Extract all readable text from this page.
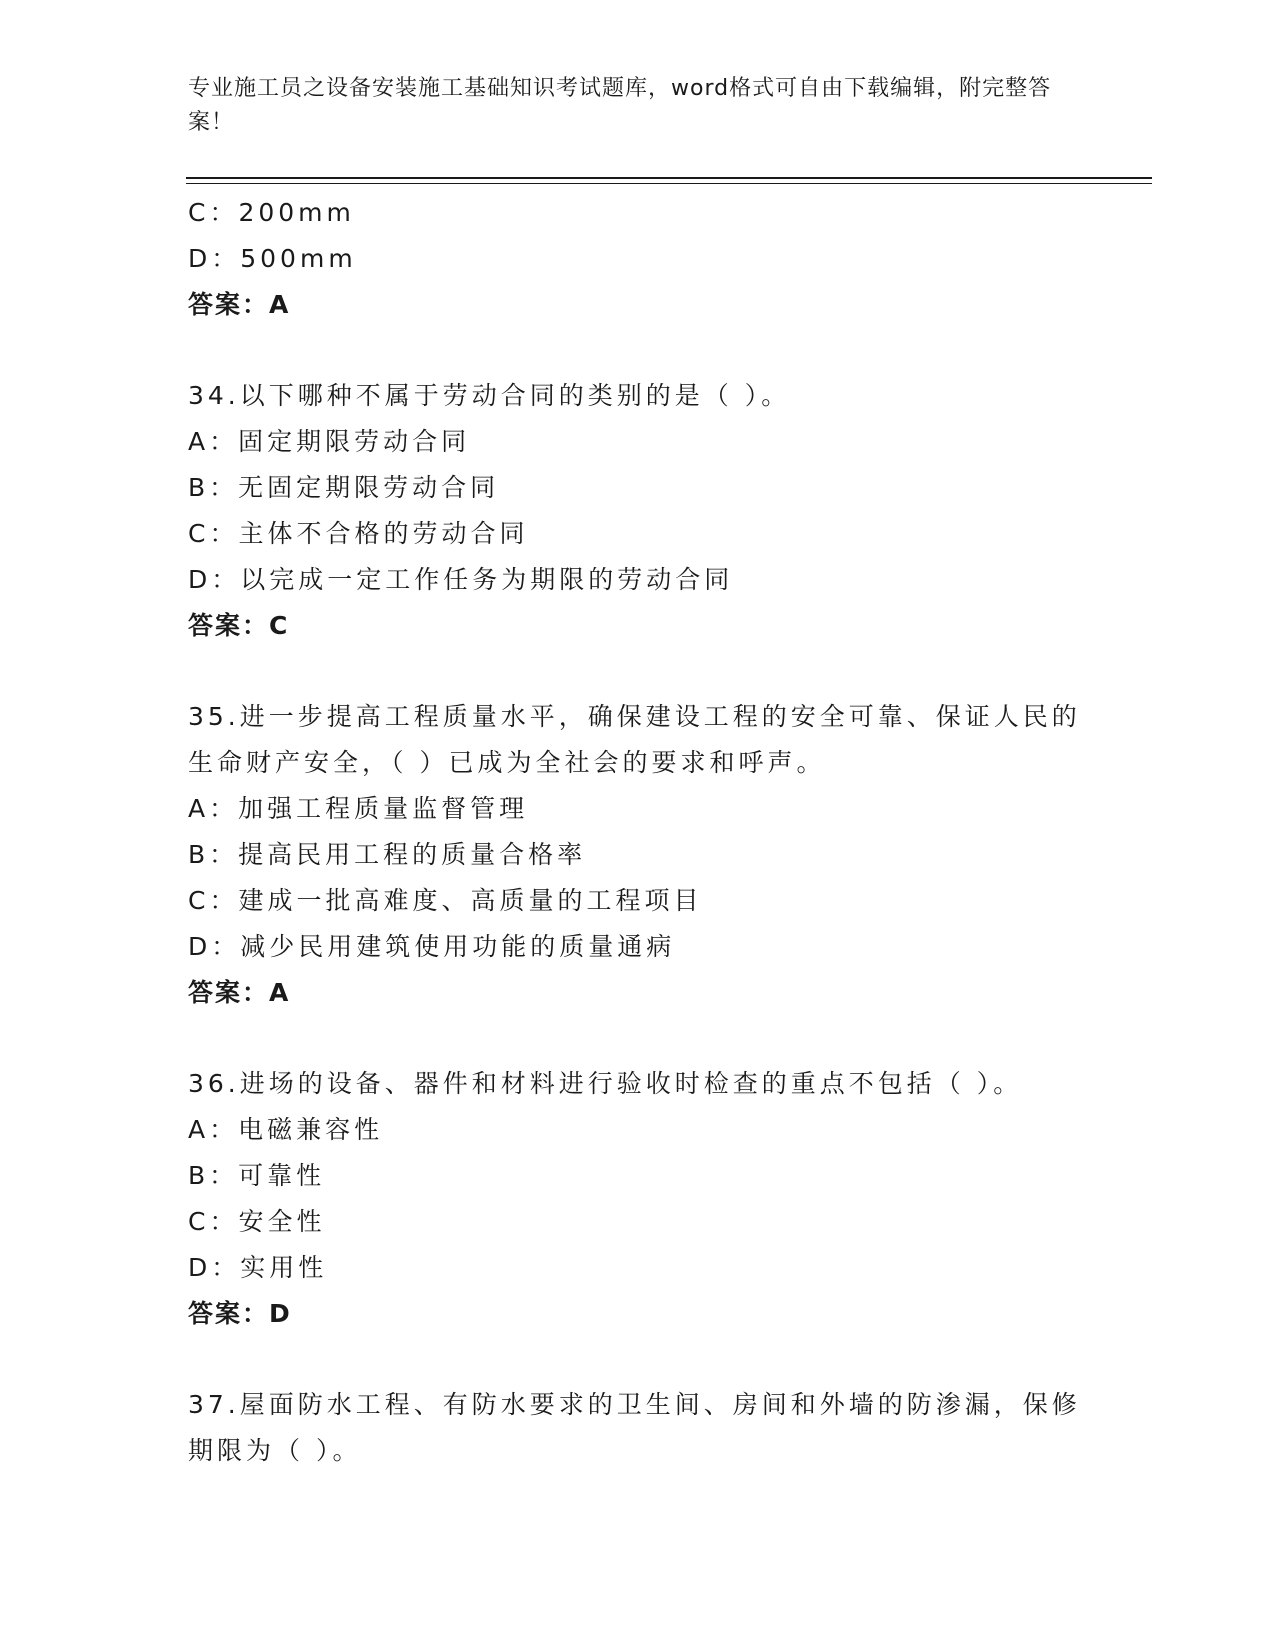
专业施工员之设备安装施工基础知识考试题库，word格式可自由下载编辑，附完整答案！
C：200mm
D：500mm
答案：A
34.以下哪种不属于劳动合同的类别的是（ ）。
A：固定期限劳动合同
B：无固定期限劳动合同
C：主体不合格的劳动合同
D：以完成一定工作任务为期限的劳动合同
答案：C
35.进一步提高工程质量水平，确保建设工程的安全可靠、保证人民的
生命财产安全，（ ）已成为全社会的要求和呼声。
A：加强工程质量监督管理
B：提高民用工程的质量合格率
C：建成一批高难度、高质量的工程项目
D：减少民用建筑使用功能的质量通病
答案：A
36.进场的设备、器件和材料进行验收时检查的重点不包括（ ）。
A：电磁兼容性
B：可靠性
C：安全性
D：实用性
答案：D
37.屋面防水工程、有防水要求的卫生间、房间和外墙的防渗漏，保修
期限为（ ）。
